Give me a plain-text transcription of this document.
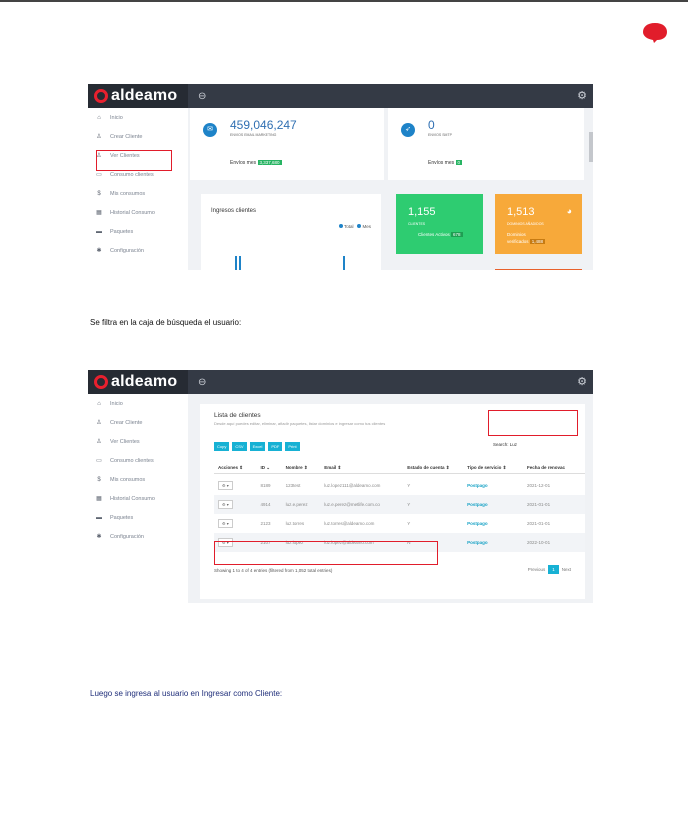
aldeamo ⊖	⚙
⌂	Inicio
♙	Crear Cliente
♙	Ver Clientes
▭	Consumo clientes
$	Mis consumos
▦	Historial Consumo
▬	Paquetes
✱	Configuración
✉	459,046,247
ENVIOS EMAIL MARKETING
Envíos mes 3,337,680
➶	0
ENVIOS SMTP
Envíos mes 0
Ingresos clientes
Total Mes
1,155
CLIENTES
Clientes Activos 678
1,513	◕
DOMINIOS AÑADIDOS
Dominios
verificados 1,488
Se filtra en la caja de búsqueda el usuario:
aldeamo ⊖	⚙
⌂	Inicio
♙	Crear Cliente
♙	Ver Clientes
▭	Consumo clientes
$	Mis consumos
▦	Historial Consumo
▬	Paquetes
✱	Configuración
Lista de clientes
Desde aquí puedes editar, eliminar, añadir paquetes, listar dominios e ingresar como tus clientes
Copy	CSV	Excel	PDF	Print	Search: Luz
Acciones ⇕	ID ⌄	Nombre ⇕	Email ⇕	Estado de cuenta ⇕	Tipo de servicio ⇕	Fecha de renovac
⚙ ▾	8189	123test	luz.lopez111@aldeamo.com	Y	Postpago	2021-12-01
⚙ ▾	4914	luz.e.perez	luz.e.perez@metlife.com.co	Y	Postpago	2021-01-01
⚙ ▾	2123	luz.torres	luz.torres@aldeamo.com	Y	Postpago	2021-01-01
⚙ ▾	2107	luz.lopez	luz.lopez@aldeamo.com	N	Postpago	2022-10-01
Showing 1 to 4 of 4 entries (filtered from 1,052 total entries)	Previous	1	Next
Luego se ingresa al usuario en Ingresar como Cliente:
